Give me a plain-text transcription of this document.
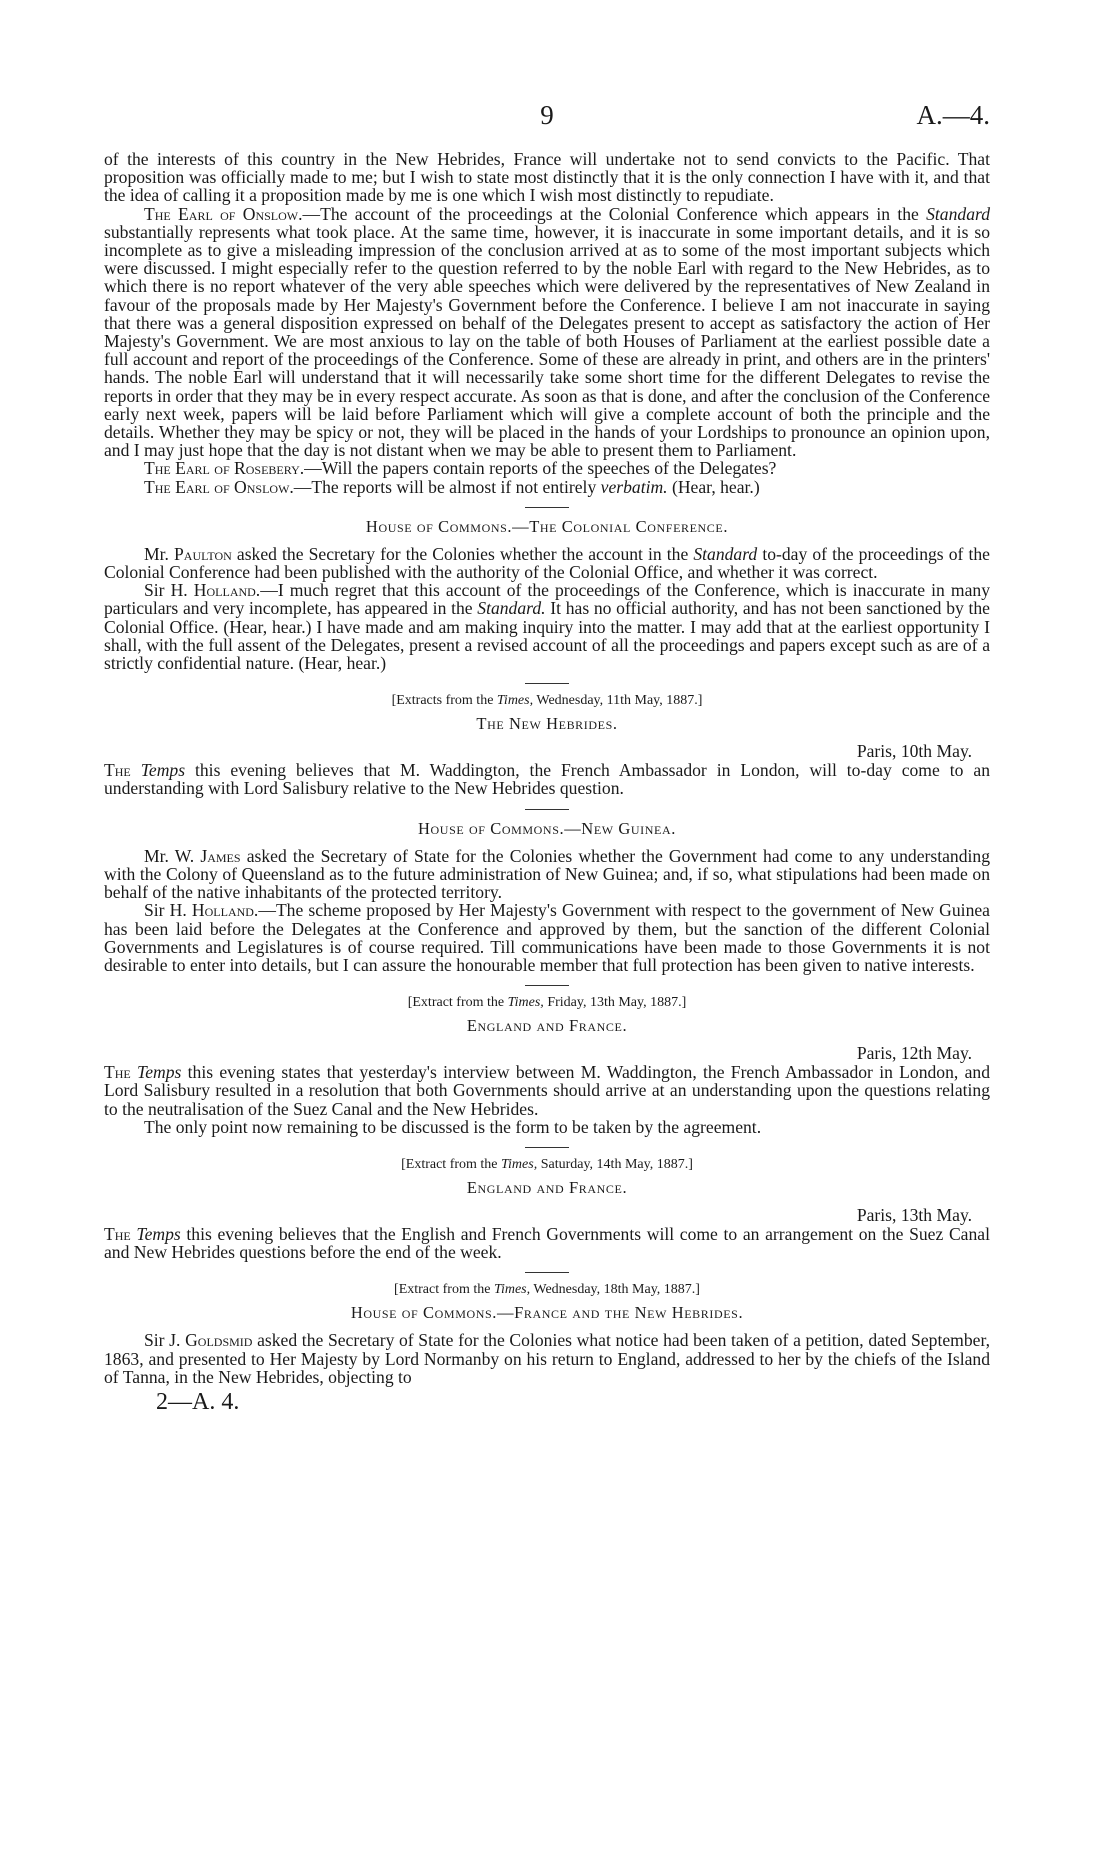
9	A.—4.

of the interests of this country in the New Hebrides, France will undertake not to send convicts to the Pacific. That proposition was officially made to me; but I wish to state most distinctly that it is the only connection I have with it, and that the idea of calling it a proposition made by me is one which I wish most distinctly to repudiate.

The Earl of Onslow.—The account of the proceedings at the Colonial Conference which appears in the Standard substantially represents what took place. At the same time, however, it is inaccurate in some important details, and it is so incomplete as to give a misleading impression of the conclusion arrived at as to some of the most important subjects which were discussed. I might especially refer to the question referred to by the noble Earl with regard to the New Hebrides, as to which there is no report whatever of the very able speeches which were delivered by the representatives of New Zealand in favour of the proposals made by Her Majesty's Government before the Conference. I believe I am not inaccurate in saying that there was a general disposition expressed on behalf of the Delegates present to accept as satisfactory the action of Her Majesty's Government. We are most anxious to lay on the table of both Houses of Parliament at the earliest possible date a full account and report of the proceedings of the Conference. Some of these are already in print, and others are in the printers' hands. The noble Earl will understand that it will necessarily take some short time for the different Delegates to revise the reports in order that they may be in every respect accurate. As soon as that is done, and after the conclusion of the Conference early next week, papers will be laid before Parliament which will give a complete account of both the principle and the details. Whether they may be spicy or not, they will be placed in the hands of your Lordships to pronounce an opinion upon, and I may just hope that the day is not distant when we may be able to present them to Parliament.

The Earl of Rosebery.—Will the papers contain reports of the speeches of the Delegates?

The Earl of Onslow.—The reports will be almost if not entirely verbatim. (Hear, hear.)

House of Commons.—The Colonial Conference.

Mr. Paulton asked the Secretary for the Colonies whether the account in the Standard to-day of the proceedings of the Colonial Conference had been published with the authority of the Colonial Office, and whether it was correct.

Sir H. Holland.—I much regret that this account of the proceedings of the Conference, which is inaccurate in many particulars and very incomplete, has appeared in the Standard. It has no official authority, and has not been sanctioned by the Colonial Office. (Hear, hear.) I have made and am making inquiry into the matter. I may add that at the earliest opportunity I shall, with the full assent of the Delegates, present a revised account of all the proceedings and papers except such as are of a strictly confidential nature. (Hear, hear.)

[Extracts from the Times, Wednesday, 11th May, 1887.]
The New Hebrides.
Paris, 10th May.

The Temps this evening believes that M. Waddington, the French Ambassador in London, will to-day come to an understanding with Lord Salisbury relative to the New Hebrides question.

House of Commons.—New Guinea.

Mr. W. James asked the Secretary of State for the Colonies whether the Government had come to any understanding with the Colony of Queensland as to the future administration of New Guinea; and, if so, what stipulations had been made on behalf of the native inhabitants of the protected territory.

Sir H. Holland.—The scheme proposed by Her Majesty's Government with respect to the government of New Guinea has been laid before the Delegates at the Conference and approved by them, but the sanction of the different Colonial Governments and Legislatures is of course required. Till communications have been made to those Governments it is not desirable to enter into details, but I can assure the honourable member that full protection has been given to native interests.

[Extract from the Times, Friday, 13th May, 1887.]
England and France.
Paris, 12th May.

The Temps this evening states that yesterday's interview between M. Waddington, the French Ambassador in London, and Lord Salisbury resulted in a resolution that both Governments should arrive at an understanding upon the questions relating to the neutralisation of the Suez Canal and the New Hebrides.

The only point now remaining to be discussed is the form to be taken by the agreement.

[Extract from the Times, Saturday, 14th May, 1887.]
England and France.
Paris, 13th May.

The Temps this evening believes that the English and French Governments will come to an arrangement on the Suez Canal and New Hebrides questions before the end of the week.

[Extract from the Times, Wednesday, 18th May, 1887.]
House of Commons.—France and the New Hebrides.

Sir J. Goldsmid asked the Secretary of State for the Colonies what notice had been taken of a petition, dated September, 1863, and presented to Her Majesty by Lord Normanby on his return to England, addressed to her by the chiefs of the Island of Tanna, in the New Hebrides, objecting to

2—A. 4.
